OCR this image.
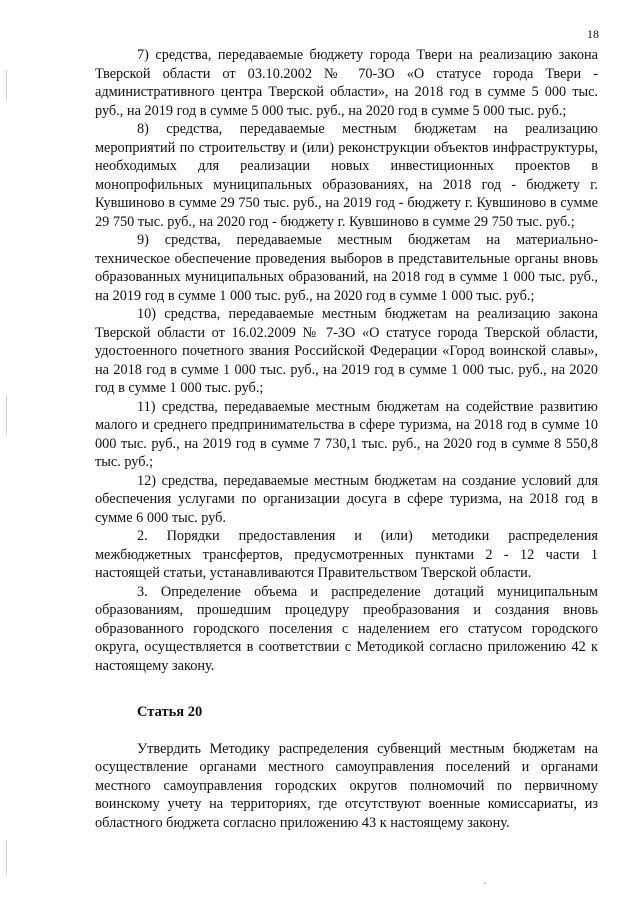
18

7) средства, передаваемые бюджету города Твери на реализацию закона Тверской области от 03.10.2002 № 70-ЗО «О статусе города Твери - административного центра Тверской области», на 2018 год в сумме 5 000 тыс. руб., на 2019 год в сумме 5 000 тыс. руб., на 2020 год в сумме 5 000 тыс. руб.;

8) средства, передаваемые местным бюджетам на реализацию мероприятий по строительству и (или) реконструкции объектов инфраструктуры, необходимых для реализации новых инвестиционных проектов в монопрофильных муниципальных образованиях, на 2018 год - бюджету г. Кувшиново в сумме 29 750 тыс. руб., на 2019 год - бюджету г. Кувшиново в сумме 29 750 тыс. руб., на 2020 год - бюджету г. Кувшиново в сумме 29 750 тыс. руб.;

9) средства, передаваемые местным бюджетам на материально-техническое обеспечение проведения выборов в представительные органы вновь образованных муниципальных образований, на 2018 год в сумме 1 000 тыс. руб., на 2019 год в сумме 1 000 тыс. руб., на 2020 год в сумме 1 000 тыс. руб.;

10) средства, передаваемые местным бюджетам на реализацию закона Тверской области от 16.02.2009 № 7-ЗО «О статусе города Тверской области, удостоенного почетного звания Российской Федерации «Город воинской славы», на 2018 год в сумме 1 000 тыс. руб., на 2019 год в сумме 1 000 тыс. руб., на 2020 год в сумме 1 000 тыс. руб.;

11) средства, передаваемые местным бюджетам на содействие развитию малого и среднего предпринимательства в сфере туризма, на 2018 год в сумме 10 000 тыс. руб., на 2019 год в сумме 7 730,1 тыс. руб., на 2020 год в сумме 8 550,8 тыс. руб.;

12) средства, передаваемые местным бюджетам на создание условий для обеспечения услугами по организации досуга в сфере туризма, на 2018 год в сумме 6 000 тыс. руб.

2. Порядки предоставления и (или) методики распределения межбюджетных трансфертов, предусмотренных пунктами 2 - 12 части 1 настоящей статьи, устанавливаются Правительством Тверской области.

3. Определение объема и распределение дотаций муниципальным образованиям, прошедшим процедуру преобразования и создания вновь образованного городского поселения с наделением его статусом городского округа, осуществляется в соответствии с Методикой согласно приложению 42 к настоящему закону.

Статья 20

Утвердить Методику распределения субвенций местным бюджетам на осуществление органами местного самоуправления поселений и органами местного самоуправления городских округов полномочий по первичному воинскому учету на территориях, где отсутствуют военные комиссариаты, из областного бюджета согласно приложению 43 к настоящему закону.
